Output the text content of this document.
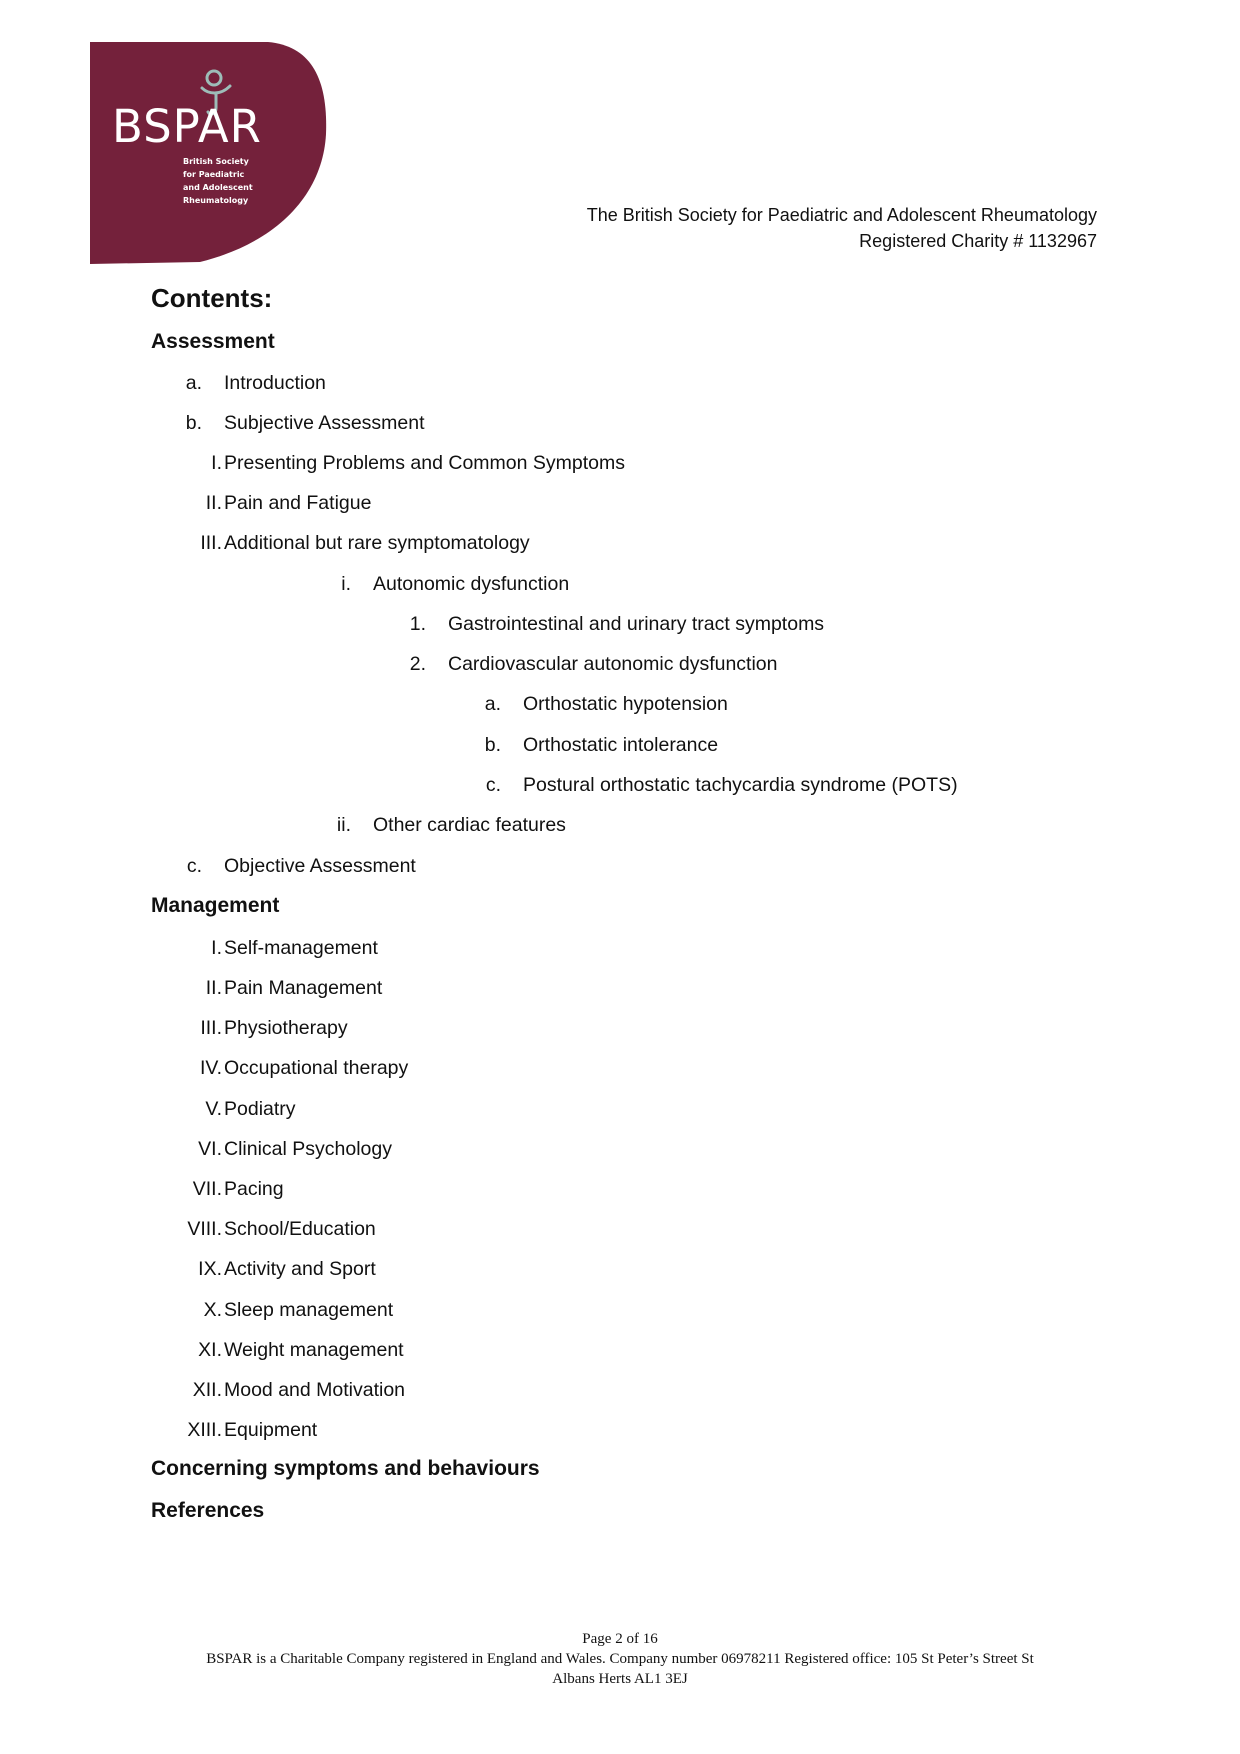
BSPAR
British Society
for Paediatric
and Adolescent
Rheumatology
The British Society for Paediatric and Adolescent Rheumatology
Registered Charity # 1132967
Contents:
Assessment
a.	Introduction
b.	Subjective Assessment
I. Presenting Problems and Common Symptoms
II. Pain and Fatigue
III. Additional but rare symptomatology
i.	Autonomic dysfunction
1.	Gastrointestinal and urinary tract symptoms
2.	Cardiovascular autonomic dysfunction
a.	Orthostatic hypotension
b.	Orthostatic intolerance
c.	Postural orthostatic tachycardia syndrome (POTS)
ii.	Other cardiac features
c.	Objective Assessment
Management
I. Self-management
II. Pain Management
III. Physiotherapy
IV. Occupational therapy
V. Podiatry
VI. Clinical Psychology
VII. Pacing
VIII. School/Education
IX. Activity and Sport
X. Sleep management
XI. Weight management
XII. Mood and Motivation
XIII. Equipment
Concerning symptoms and behaviours
References
Page 2 of 16
BSPAR is a Charitable Company registered in England and Wales. Company number 06978211 Registered office: 105 St Peter’s Street St
Albans Herts AL1 3EJ
